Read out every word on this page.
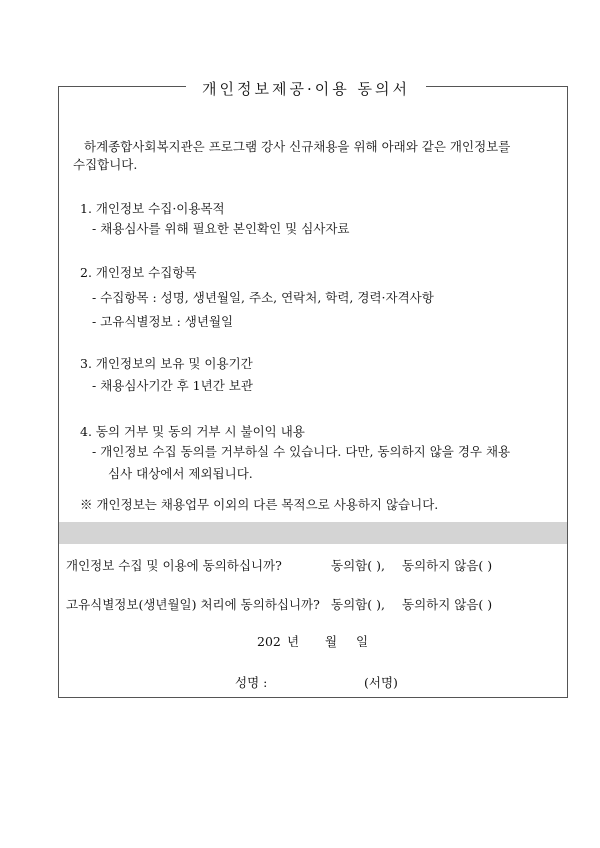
개인정보제공·이용 동의서
하계종합사회복지관은 프로그램 강사 신규채용을 위해 아래와 같은 개인정보를
수집합니다.
1. 개인정보 수집·이용목적
- 채용심사를 위해 필요한 본인확인 및 심사자료
2. 개인정보 수집항목
- 수집항목 : 성명, 생년월일, 주소, 연락처, 학력, 경력·자격사항
- 고유식별정보 : 생년월일
3. 개인정보의 보유 및 이용기간
- 채용심사기간 후 1년간 보관
4. 동의 거부 및 동의 거부 시 불이익 내용
- 개인정보 수집 동의를 거부하실 수 있습니다. 다만, 동의하지 않을 경우 채용
심사 대상에서 제외됩니다.
※ 개인정보는 채용업무 이외의 다른 목적으로 사용하지 않습니다.
개인정보 수집 및 이용에 동의하십니까?	동의함( ), 동의하지 않음( )
고유식별정보(생년월일) 처리에 동의하십니까? 동의함( ), 동의하지 않음( )
202 년 월 일
성명 :	(서명)
